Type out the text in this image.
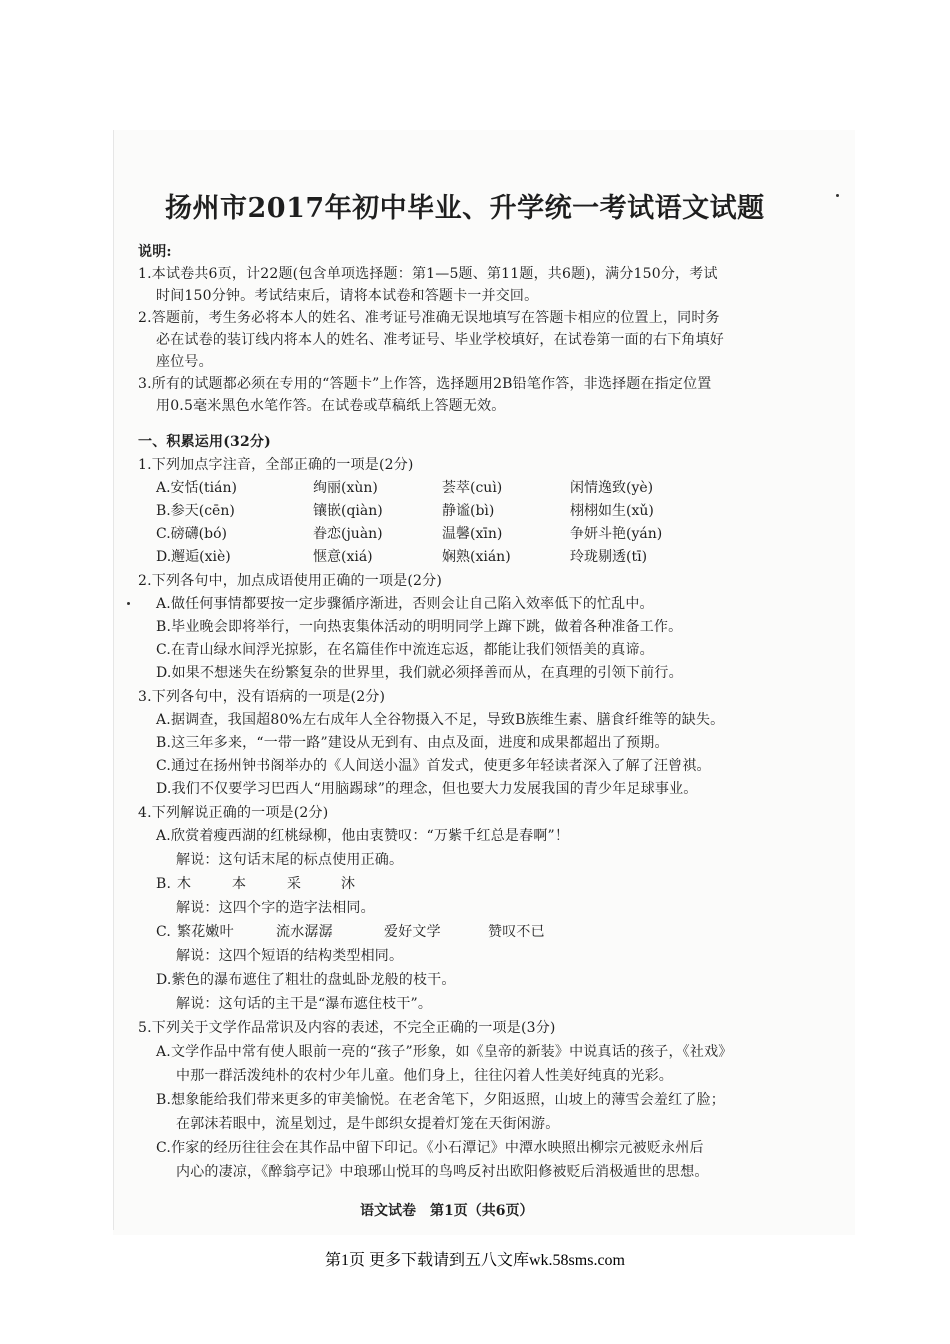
扬州市2017年初中毕业、升学统一考试语文试题
说明:
1.本试卷共6页，计22题(包含单项选择题：第1—5题、第11题，共6题)，满分150分，考试
时间150分钟。考试结束后，请将本试卷和答题卡一并交回。
2.答题前，考生务必将本人的姓名、准考证号准确无误地填写在答题卡相应的位置上，同时务
必在试卷的装订线内将本人的姓名、准考证号、毕业学校填好，在试卷第一面的右下角填好
座位号。
3.所有的试题都必须在专用的“答题卡”上作答，选择题用2B铅笔作答，非选择题在指定位置
用0.5毫米黑色水笔作答。在试卷或草稿纸上答题无效。
一、积累运用(32分)
1.下列加点字注音，全部正确的一项是(2分)
A.安恬(tián)	绚丽(xùn)	荟萃(cuì)	闲情逸致(yè)
B.参天(cēn)	镶嵌(qiàn)	静谧(bì)	栩栩如生(xǔ)
C.磅礴(bó)	眷恋(juàn)	温馨(xīn)	争妍斗艳(yán)
D.邂逅(xiè)	惬意(xiá)	娴熟(xián)	玲珑剔透(tī)
2.下列各句中，加点成语使用正确的一项是(2分)
A.做任何事情都要按一定步骤循序渐进，否则会让自己陷入效率低下的忙乱中。
B.毕业晚会即将举行，一向热衷集体活动的明明同学上蹿下跳，做着各种准备工作。
C.在青山绿水间浮光掠影，在名篇佳作中流连忘返，都能让我们领悟美的真谛。
D.如果不想迷失在纷繁复杂的世界里，我们就必须择善而从，在真理的引领下前行。
3.下列各句中，没有语病的一项是(2分)
A.据调查，我国超80%左右成年人全谷物摄入不足，导致B族维生素、膳食纤维等的缺失。
B.这三年多来，“一带一路”建设从无到有、由点及面，进度和成果都超出了预期。
C.通过在扬州钟书阁举办的《人间送小温》首发式，使更多年轻读者深入了解了汪曾祺。
D.我们不仅要学习巴西人“用脑踢球”的理念，但也要大力发展我国的青少年足球事业。
4.下列解说正确的一项是(2分)
A.欣赏着瘦西湖的红桃绿柳，他由衷赞叹：“万紫千红总是春啊”！
解说：这句话末尾的标点使用正确。
B. 木	本	采	沐
解说：这四个字的造字法相同。
C. 繁花嫩叶	流水潺潺	爱好文学	赞叹不已
解说：这四个短语的结构类型相同。
D.紫色的瀑布遮住了粗壮的盘虬卧龙般的枝干。
解说：这句话的主干是“瀑布遮住枝干”。
5.下列关于文学作品常识及内容的表述，不完全正确的一项是(3分)
A.文学作品中常有使人眼前一亮的“孩子”形象，如《皇帝的新装》中说真话的孩子，《社戏》
中那一群活泼纯朴的农村少年儿童。他们身上，往往闪着人性美好纯真的光彩。
B.想象能给我们带来更多的审美愉悦。在老舍笔下，夕阳返照，山坡上的薄雪会羞红了脸；
在郭沫若眼中，流星划过，是牛郎织女提着灯笼在天街闲游。
C.作家的经历往往会在其作品中留下印记。《小石潭记》中潭水映照出柳宗元被贬永州后
内心的凄凉，《醉翁亭记》中琅琊山悦耳的鸟鸣反衬出欧阳修被贬后消极遁世的思想。
语文试卷　第1页（共6页）
第1页 更多下载请到五八文库wk.58sms.com
